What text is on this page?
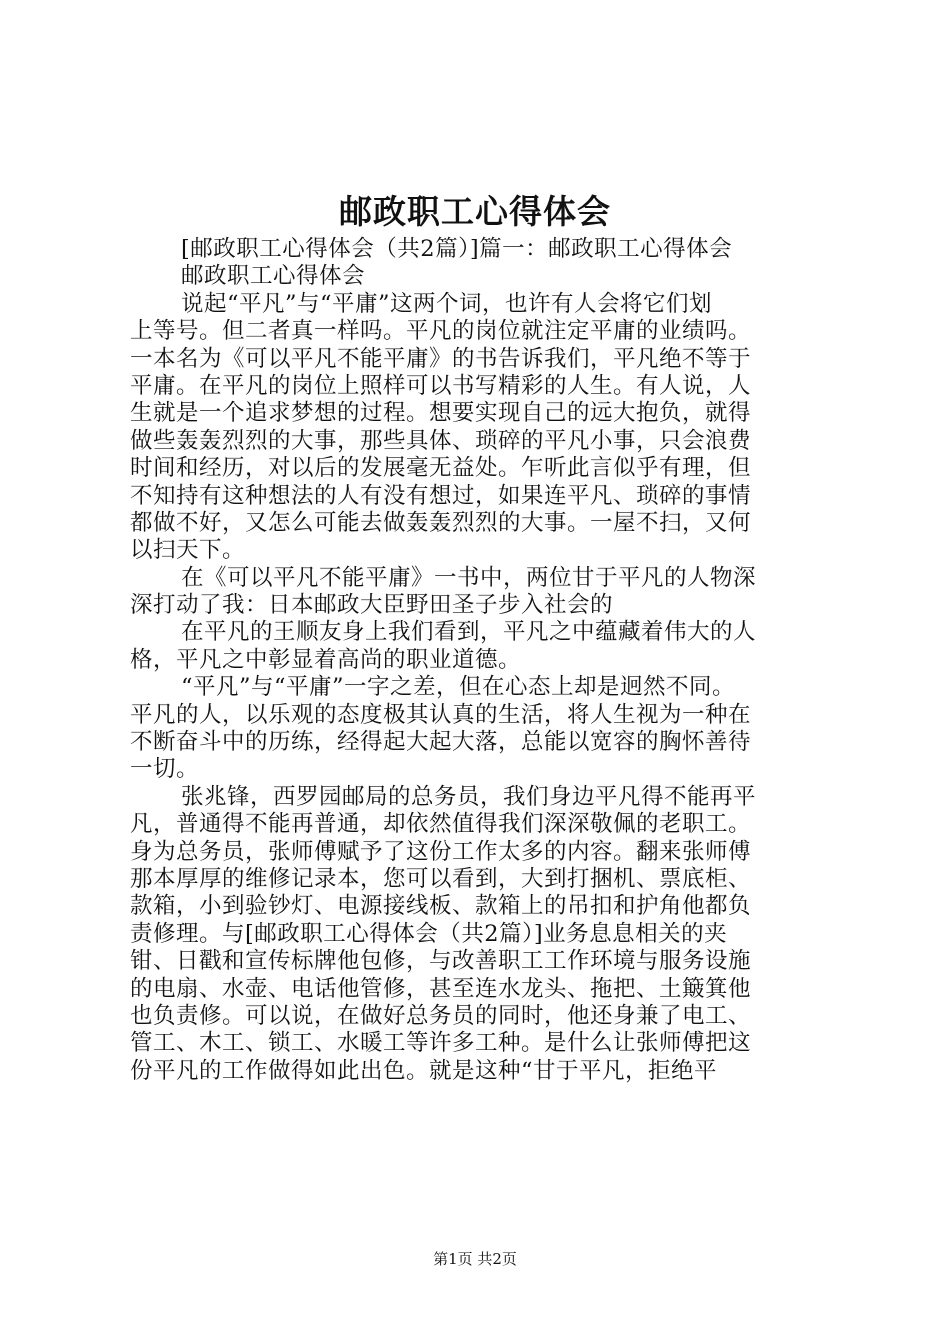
邮政职工心得体会
[邮政职工心得体会（共2篇）]篇一：邮政职工心得体会
邮政职工心得体会
说起“平凡”与“平庸”这两个词，也许有人会将它们划
上等号。但二者真一样吗。平凡的岗位就注定平庸的业绩吗。
一本名为《可以平凡不能平庸》的书告诉我们，平凡绝不等于
平庸。在平凡的岗位上照样可以书写精彩的人生。有人说，人
生就是一个追求梦想的过程。想要实现自己的远大抱负，就得
做些轰轰烈烈的大事，那些具体、琐碎的平凡小事，只会浪费
时间和经历，对以后的发展毫无益处。乍听此言似乎有理，但
不知持有这种想法的人有没有想过，如果连平凡、琐碎的事情
都做不好，又怎么可能去做轰轰烈烈的大事。一屋不扫，又何
以扫天下。
在《可以平凡不能平庸》一书中，两位甘于平凡的人物深
深打动了我：日本邮政大臣野田圣子步入社会的
在平凡的王顺友身上我们看到，平凡之中蕴藏着伟大的人
格，平凡之中彰显着高尚的职业道德。
“平凡”与“平庸”一字之差，但在心态上却是迥然不同。
平凡的人，以乐观的态度极其认真的生活，将人生视为一种在
不断奋斗中的历练，经得起大起大落，总能以宽容的胸怀善待
一切。
张兆锋，西罗园邮局的总务员，我们身边平凡得不能再平
凡，普通得不能再普通，却依然值得我们深深敬佩的老职工。
身为总务员，张师傅赋予了这份工作太多的内容。翻来张师傅
那本厚厚的维修记录本，您可以看到，大到打捆机、票底柜、
款箱，小到验钞灯、电源接线板、款箱上的吊扣和护角他都负
责修理。与[邮政职工心得体会（共2篇）]业务息息相关的夹
钳、日戳和宣传标牌他包修，与改善职工工作环境与服务设施
的电扇、水壶、电话他管修，甚至连水龙头、拖把、土簸箕他
也负责修。可以说，在做好总务员的同时，他还身兼了电工、
管工、木工、锁工、水暖工等许多工种。是什么让张师傅把这
份平凡的工作做得如此出色。就是这种“甘于平凡，拒绝平

第1页 共2页
